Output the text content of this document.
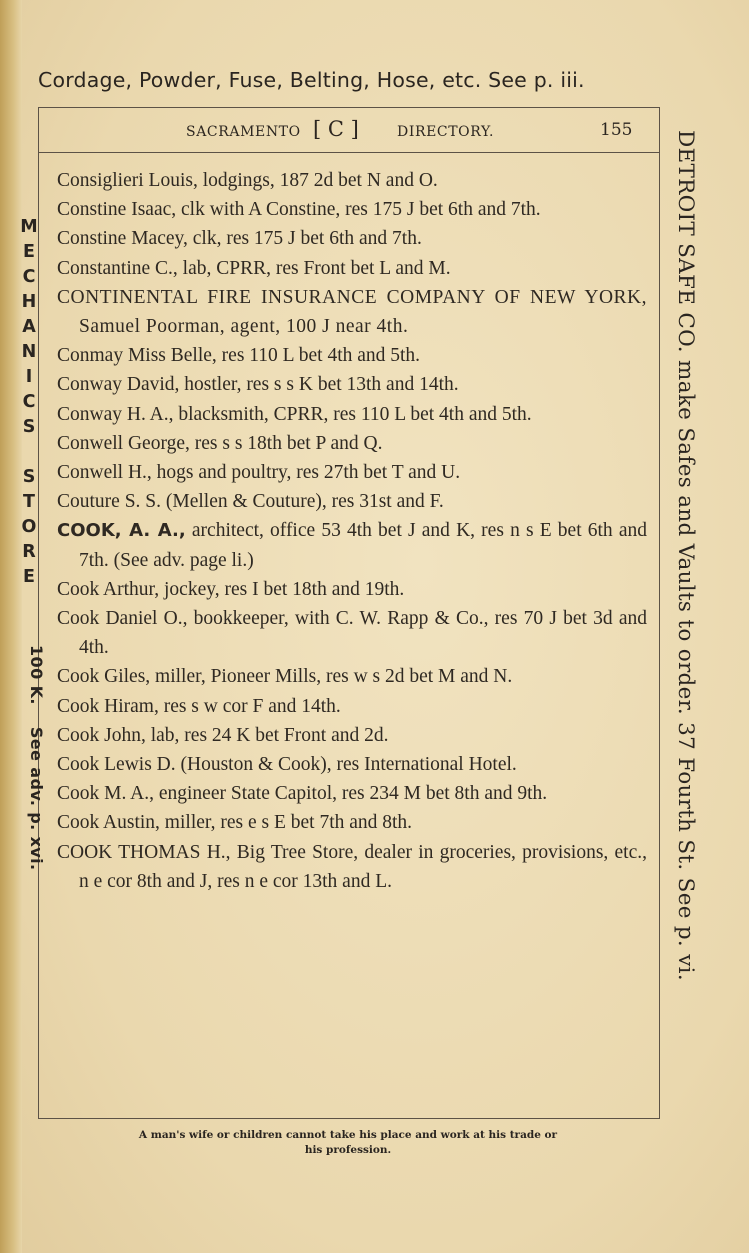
Cordage, Powder, Fuse, Belting, Hose, etc. See p. iii.
SACRAMENTO [ C ]	DIRECTORY.	155
Consiglieri Louis, lodgings, 187 2d bet N and O.
Constine Isaac, clk with A Constine, res 175 J bet 6th and 7th.
Constine Macey, clk, res 175 J bet 6th and 7th.
Constantine C., lab, CPRR, res Front bet L and M.
CONTINENTAL FIRE INSURANCE COMPANY OF NEW YORK, Samuel Poorman, agent, 100 J near 4th.
Conmay Miss Belle, res 110 L bet 4th and 5th.
Conway David, hostler, res s s K bet 13th and 14th.
Conway H. A., blacksmith, CPRR, res 110 L bet 4th and 5th.
Conwell George, res s s 18th bet P and Q.
Conwell H., hogs and poultry, res 27th bet T and U.
Couture S. S. (Mellen & Couture), res 31st and F.
COOK, A. A., architect, office 53 4th bet J and K, res n s E bet 6th and 7th. (See adv. page li.)
Cook Arthur, jockey, res I bet 18th and 19th.
Cook Daniel O., bookkeeper, with C. W. Rapp & Co., res 70 J bet 3d and 4th.
Cook Giles, miller, Pioneer Mills, res w s 2d bet M and N.
Cook Hiram, res s w cor F and 14th.
Cook John, lab, res 24 K bet Front and 2d.
Cook Lewis D. (Houston & Cook), res International Hotel.
Cook M. A., engineer State Capitol, res 234 M bet 8th and 9th.
Cook Austin, miller, res e s E bet 7th and 8th.
COOK THOMAS H., Big Tree Store, dealer in groceries, provisions, etc., n e cor 8th and J, res n e cor 13th and L.
A man's wife or children cannot take his place and work at his trade or
his profession.
M
E
C
H
A
N
I
C
S

S
T
O
R
E
100 K.See adv. p. xvi.	DETROIT SAFE CO. make Safes and Vaults to order. 37 Fourth St. See p. vi.
